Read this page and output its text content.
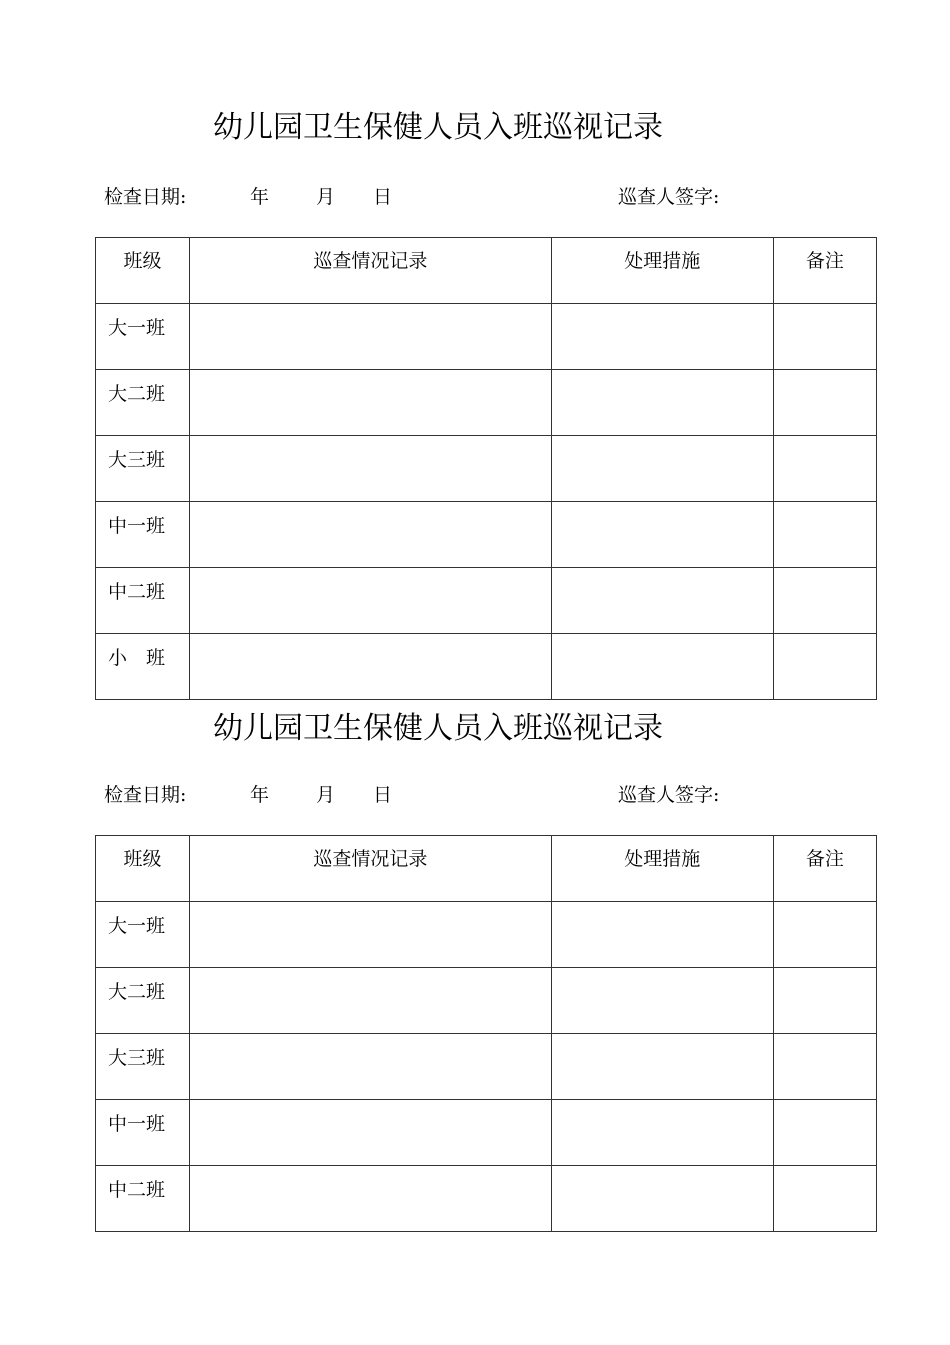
幼儿园卫生保健人员入班巡视记录
检查日期:	年 月 日	巡查人签字:
班级	巡查情况记录	处理措施	备注
大一班			
大二班			
大三班			
中一班			
中二班			
小　班			
幼儿园卫生保健人员入班巡视记录
检查日期:	年 月 日	巡查人签字:
班级	巡查情况记录	处理措施	备注
大一班			
大二班			
大三班			
中一班			
中二班			
